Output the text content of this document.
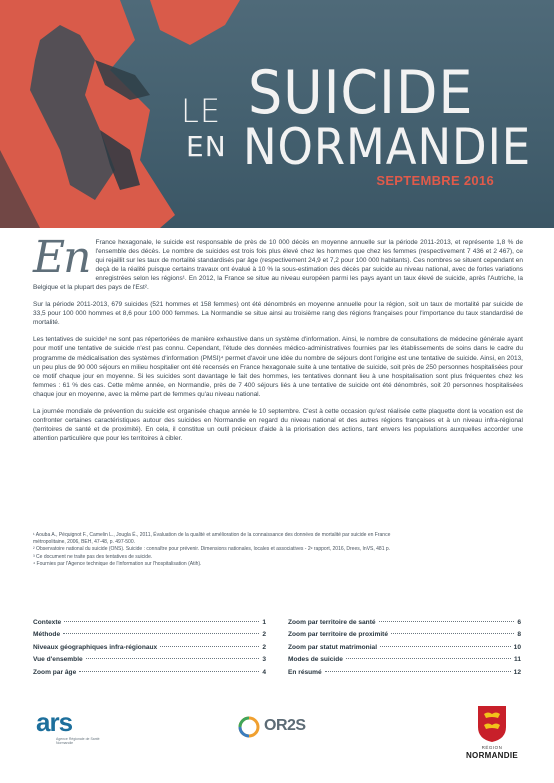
LE SUICIDE
EN NORMANDIE
SEPTEMBRE 2016

En France hexagonale, le suicide est responsable de près de 10 000 décès en moyenne annuelle sur la période 2011-2013, et représente 1,8 % de l'ensemble des décès. Le nombre de suicides est trois fois plus élevé chez les hommes que chez les femmes (respectivement 7 436 et 2 467), ce qui rejaillit sur les taux de mortalité standardisés par âge (respectivement 24,9 et 7,2 pour 100 000 habitants). Ces nombres se situent cependant en deçà de la réalité puisque certains travaux ont évalué à 10 % la sous-estimation des décès par suicide au niveau national, avec de fortes variations enregistrées selon les régions¹. En 2012, la France se situe au niveau européen parmi les pays ayant un taux élevé de suicide, après l'Autriche, la Belgique et la plupart des pays de l'Est².

Sur la période 2011-2013, 679 suicides (521 hommes et 158 femmes) ont été dénombrés en moyenne annuelle pour la région, soit un taux de mortalité par suicide de 33,5 pour 100 000 hommes et 8,6 pour 100 000 femmes. La Normandie se situe ainsi au troisième rang des régions françaises pour l'importance du taux standardisé de mortalité.

Les tentatives de suicide³ ne sont pas répertoriées de manière exhaustive dans un système d'information. Ainsi, le nombre de consultations de médecine générale ayant pour motif une tentative de suicide n'est pas connu. Cependant, l'étude des données médico-administratives fournies par les établissements de soins dans le cadre du programme de médicalisation des systèmes d'information (PMSI)⁴ permet d'avoir une idée du nombre de séjours dont l'origine est une tentative de suicide. Ainsi, en 2013, un peu plus de 90 000 séjours en milieu hospitalier ont été recensés en France hexagonale suite à une tentative de suicide, soit près de 250 personnes hospitalisées pour ce motif chaque jour en moyenne. Si les suicides sont davantage le fait des hommes, les tentatives donnant lieu à une hospitalisation sont plus fréquentes chez les femmes : 61 % des cas. Cette même année, en Normandie, près de 7 400 séjours liés à une tentative de suicide ont été dénombrés, soit 20 personnes hospitalisées chaque jour en moyenne, avec la même part de femmes qu'au niveau national.

La journée mondiale de prévention du suicide est organisée chaque année le 10 septembre. C'est à cette occasion qu'est réalisée cette plaquette dont la vocation est de confronter certaines caractéristiques autour des suicides en Normandie en regard du niveau national et des autres régions françaises et à un niveau infra-régional (territoires de santé et de proximité). En cela, il constitue un outil précieux d'aide à la priorisation des actions, tant envers les populations auxquelles accorder une attention particulière que pour les territoires à cibler.

¹ Aouba A., Péquignot F., Camelin L., Jougla É., 2011, Évaluation de la qualité et amélioration de la connaissance des données de mortalité par suicide en France
métropolitaine, 2006, BEH, 47-48, p. 497-500.
² Observatoire national du suicide (ONS). Suicide : connaître pour prévenir. Dimensions nationales, locales et associatives - 2ᵉ rapport, 2016, Drees, InVS, 481 p.
³ Ce document ne traite pas des tentatives de suicide.
⁴ Fournies par l'Agence technique de l'information sur l'hospitalisation (Atih).
Contexte	1
Méthode	2
Niveaux géographiques infra-régionaux	2
Vue d'ensemble	3
Zoom par âge	4
Zoom par territoire de santé	6
Zoom par territoire de proximité	8
Zoom par statut matrimonial	10
Modes de suicide	11
En résumé	12
ars
Agence Régionale de Santé
Normandie
OR2S
RÉGION
NORMANDIE
